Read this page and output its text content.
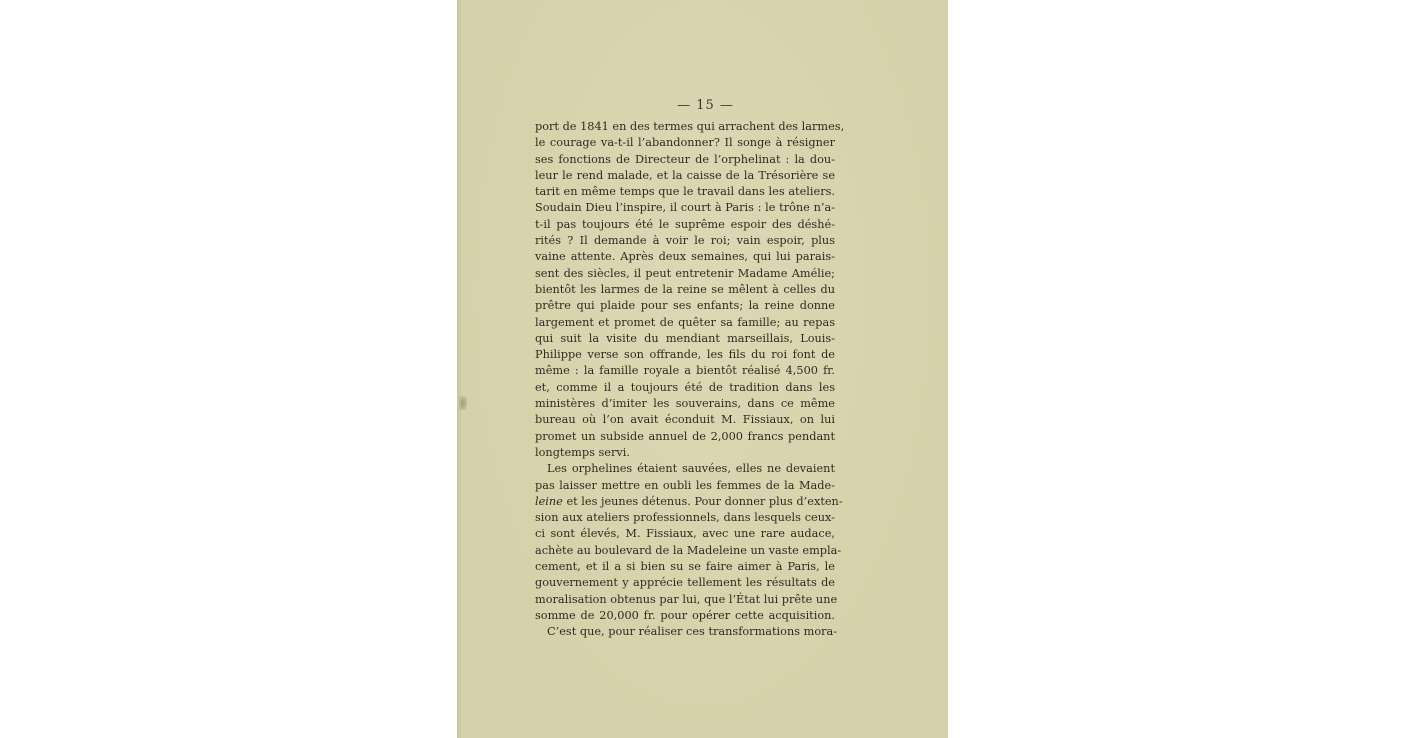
— 15 —
port de 1841 en des termes qui arrachent des larmes,
le courage va-t-il l’abandonner? Il songe à résigner
ses fonctions de Directeur de l’orphelinat : la dou-
leur le rend malade, et la caisse de la Trésorière se
tarit en même temps que le travail dans les ateliers.
Soudain Dieu l’inspire, il court à Paris : le trône n’a-
t-il pas toujours été le suprême espoir des déshé-
rités ? Il demande à voir le roi; vain espoir, plus
vaine attente. Après deux semaines, qui lui parais-
sent des siècles, il peut entretenir Madame Amélie;
bientôt les larmes de la reine se mêlent à celles du
prêtre qui plaide pour ses enfants; la reine donne
largement et promet de quêter sa famille; au repas
qui suit la visite du mendiant marseillais, Louis-
Philippe verse son offrande, les fils du roi font de
même : la famille royale a bientôt réalisé 4,500 fr.
et, comme il a toujours été de tradition dans les
ministères d’imiter les souverains, dans ce même
bureau où l’on avait éconduit M. Fissiaux, on lui
promet un subside annuel de 2,000 francs pendant
longtemps servi.
Les orphelines étaient sauvées, elles ne devaient
pas laisser mettre en oubli les femmes de la Made-
leine et les jeunes détenus. Pour donner plus d’exten-
sion aux ateliers professionnels, dans lesquels ceux-
ci sont élevés, M. Fissiaux, avec une rare audace,
achète au boulevard de la Madeleine un vaste empla-
cement, et il a si bien su se faire aimer à Paris, le
gouvernement y apprécie tellement les résultats de
moralisation obtenus par lui, que l’État lui prête une
somme de 20,000 fr. pour opérer cette acquisition.
C’est que, pour réaliser ces transformations mora-
